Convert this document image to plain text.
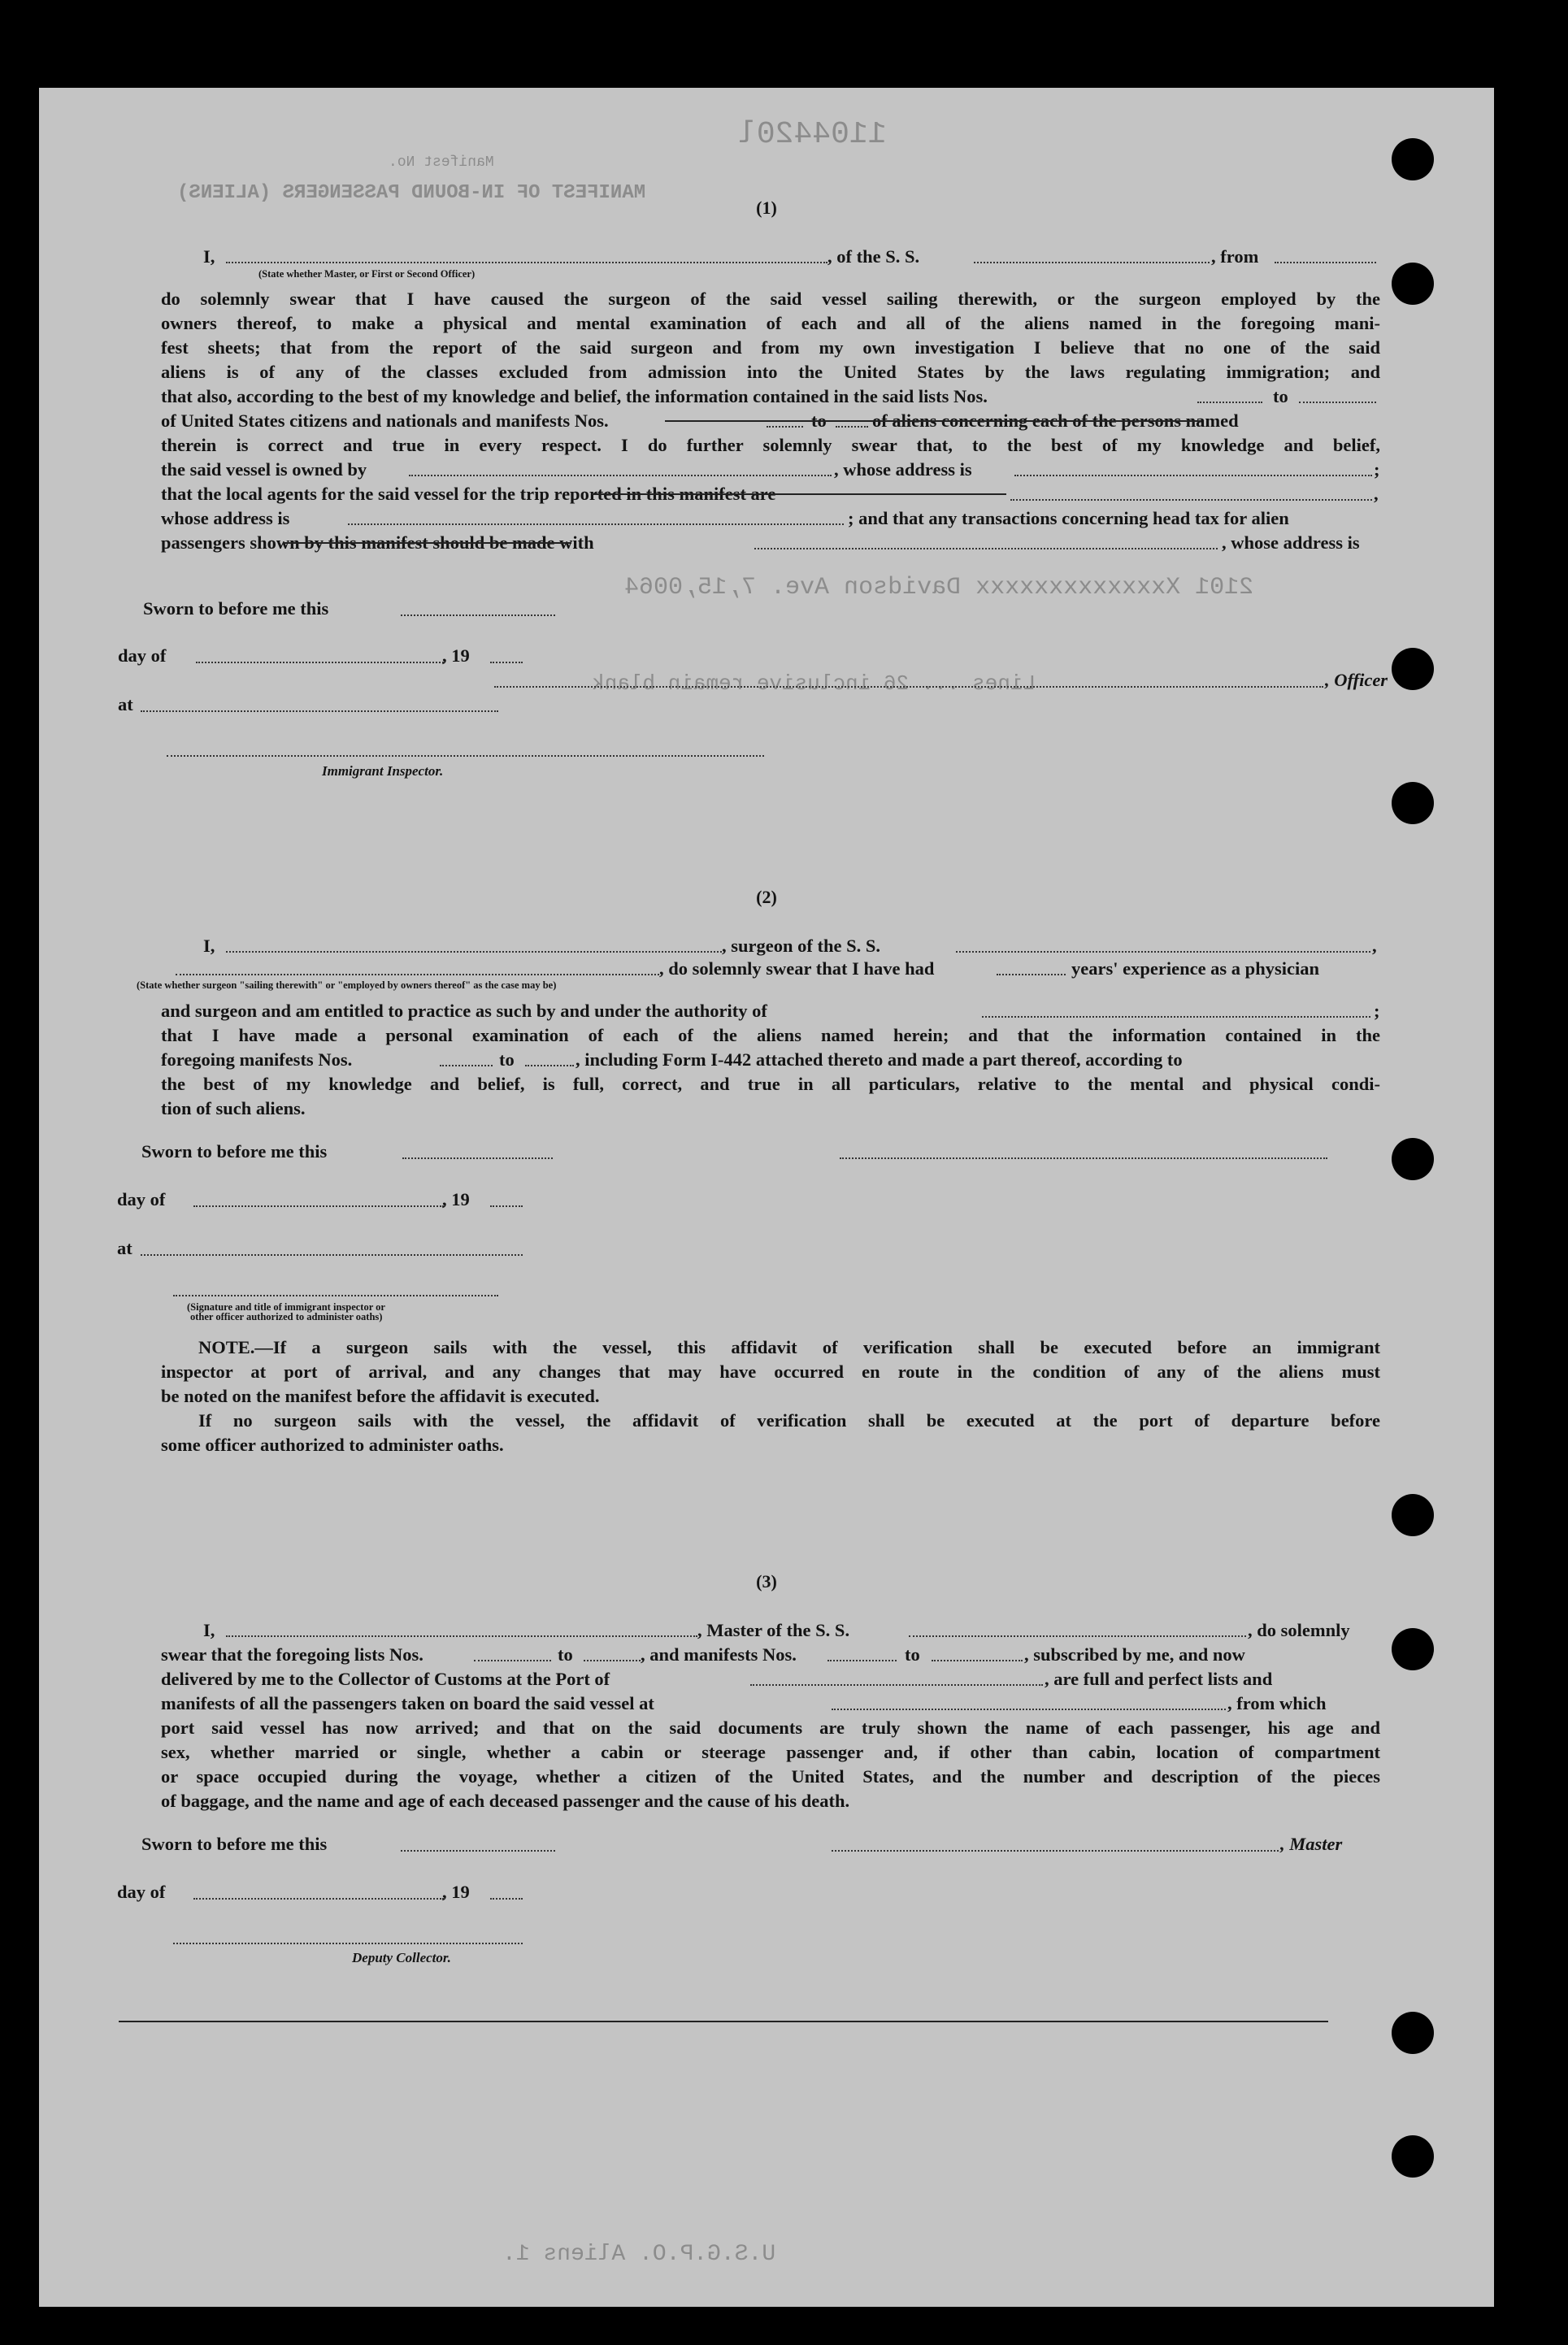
1104420l
Manifest No.
MANIFEST OF IN-BOUND PASSENGERS (ALIENS)
2101 Xxxxxxxxxxxxxx Davidson Ave. 7,15,0064
Lines ... 26 inclusive remain blank
U.S.G.P.O. Aliens 1.
(1)
I,	, of the S. S.	, from
(State whether Master, or First or Second Officer)
do solemnly swear that I have caused the surgeon of the said vessel sailing therewith, or the surgeon employed by the
owners thereof, to make a physical and mental examination of each and all of the aliens named in the foregoing mani-
fest sheets; that from the report of the said surgeon and from my own investigation I believe that no one of the said
aliens is of any of the classes excluded from admission into the United States by the laws regulating immigration; and
that also, according to the best of my knowledge and belief, the information contained in the said lists Nos.	to
of United States citizens and nationals and manifests Nos.	to	of aliens concerning each of the persons named
therein is correct and true in every respect. I do further solemnly swear that, to the best of my knowledge and belief,
the said vessel is owned by	, whose address is	;
that the local agents for the said vessel for the trip reported in this manifest are	,
whose address is	; and that any transactions concerning head tax for alien
passengers shown by this manifest should be made with	, whose address is
Sworn to before me this
day of	, 19
at
, Officer
Immigrant Inspector.
(2)
I,	, surgeon of the S. S.	,
, do solemnly swear that I have had	years' experience as a physician
(State whether surgeon "sailing therewith" or "employed by owners thereof" as the case may be)
and surgeon and am entitled to practice as such by and under the authority of	;
that I have made a personal examination of each of the aliens named herein; and that the information contained in the
foregoing manifests Nos.	to	, including Form I-442 attached thereto and made a part thereof, according to
the best of my knowledge and belief, is full, correct, and true in all particulars, relative to the mental and physical condi-
tion of such aliens.
Sworn to before me this
day of	, 19
at
(Signature and title of immigrant inspector or
other officer authorized to administer oaths)
NOTE.—If a surgeon sails with the vessel, this affidavit of verification shall be executed before an immigrant
inspector at port of arrival, and any changes that may have occurred en route in the condition of any of the aliens must
be noted on the manifest before the affidavit is executed.
If no surgeon sails with the vessel, the affidavit of verification shall be executed at the port of departure before
some officer authorized to administer oaths.
(3)
I,	, Master of the S. S.	, do solemnly
swear that the foregoing lists Nos.	to	, and manifests Nos.	to	, subscribed by me, and now
delivered by me to the Collector of Customs at the Port of	, are full and perfect lists and
manifests of all the passengers taken on board the said vessel at	, from which
port said vessel has now arrived; and that on the said documents are truly shown the name of each passenger, his age and
sex, whether married or single, whether a cabin or steerage passenger and, if other than cabin, location of compartment
or space occupied during the voyage, whether a citizen of the United States, and the number and description of the pieces
of baggage, and the name and age of each deceased passenger and the cause of his death.
Sworn to before me this	, Master
day of	, 19
Deputy Collector.
